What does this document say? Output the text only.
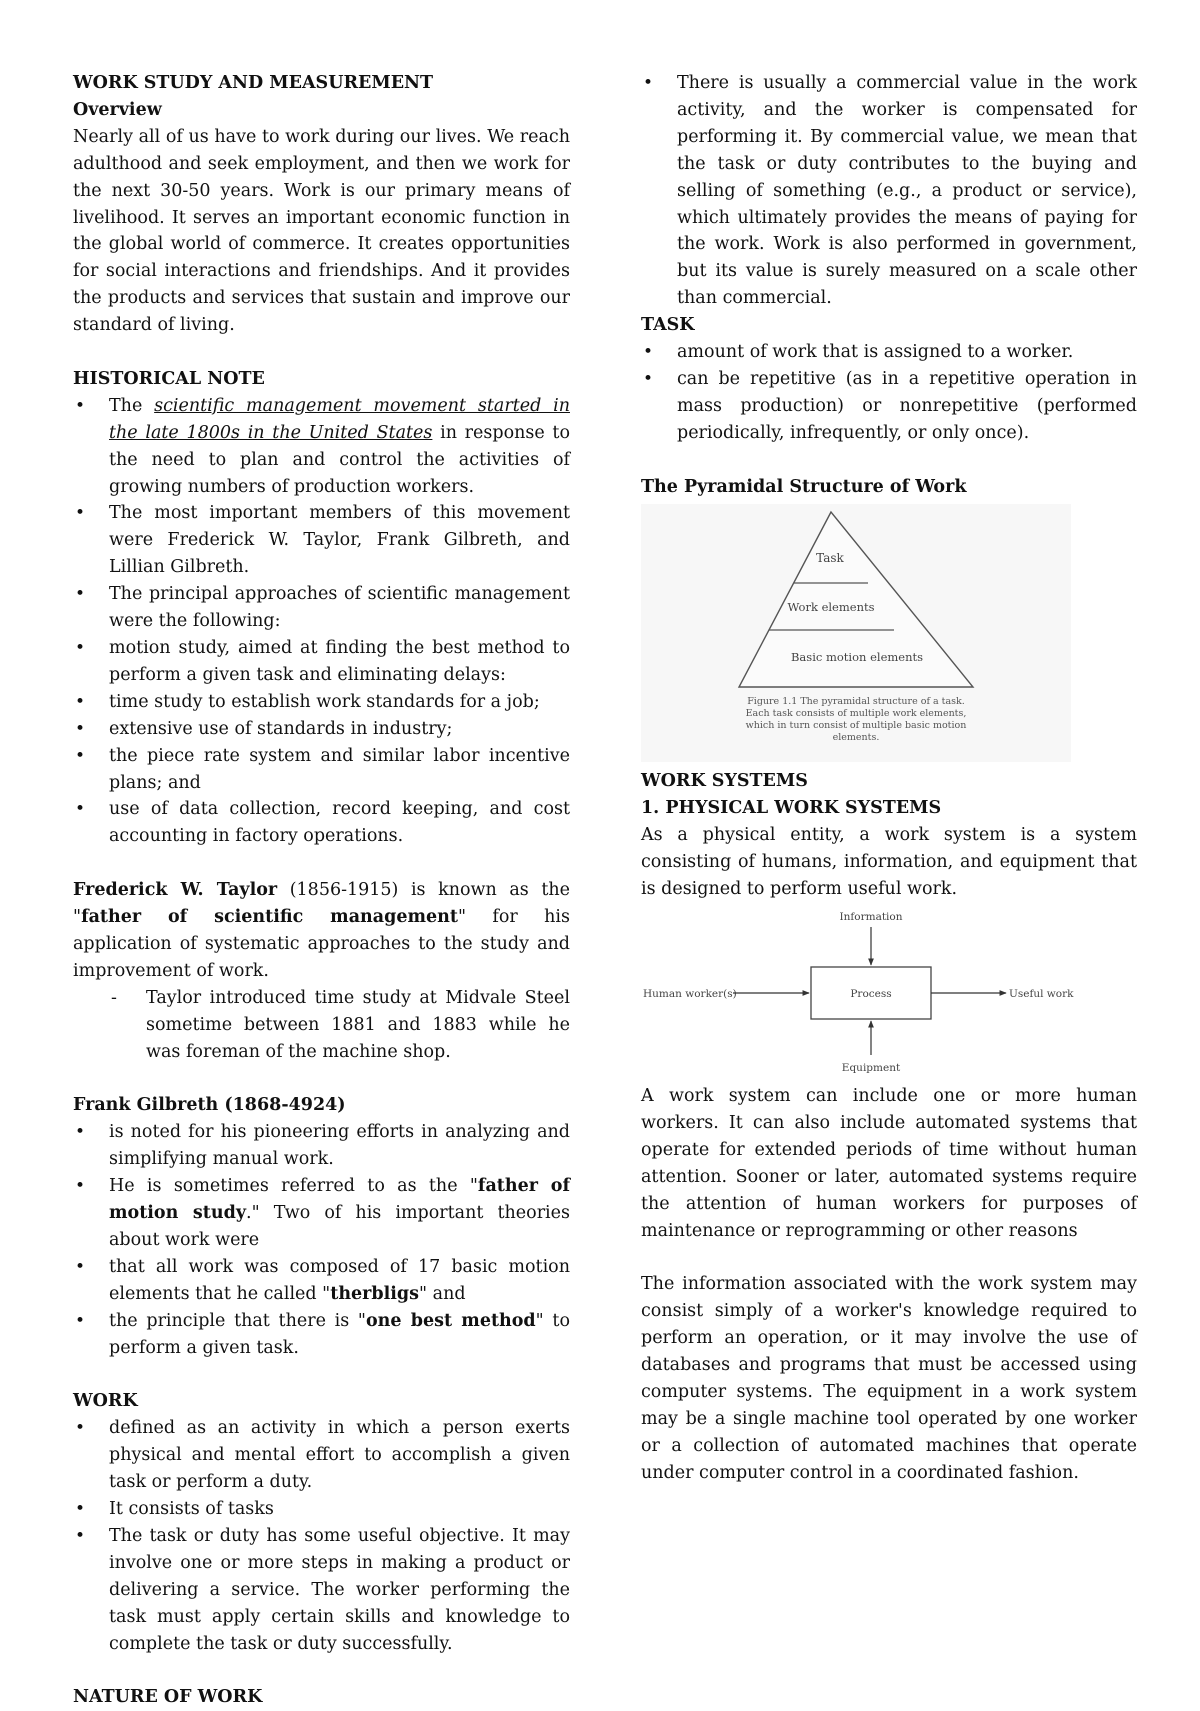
WORK STUDY AND MEASUREMENT

Overview

Nearly all of us have to work during our lives. We reach adulthood and seek employment, and then we work for the next 30-50 years. Work is our primary means of livelihood. It serves an important economic function in the global world of commerce. It creates opportunities for social interactions and friendships. And it provides the products and services that sustain and improve our standard of living.

HISTORICAL NOTE

• The scientific management movement started in the late 1800s in the United States in response to the need to plan and control the activities of growing numbers of production workers.
• The most important members of this movement were Frederick W. Taylor, Frank Gilbreth, and Lillian Gilbreth.
• The principal approaches of scientific management were the following:
• motion study, aimed at finding the best method to perform a given task and eliminating delays:
• time study to establish work standards for a job;
• extensive use of standards in industry;
• the piece rate system and similar labor incentive plans; and
• use of data collection, record keeping, and cost accounting in factory operations.

Frederick W. Taylor (1856-1915) is known as the "father of scientific management" for his application of systematic approaches to the study and improvement of work.

- Taylor introduced time study at Midvale Steel sometime between 1881 and 1883 while he was foreman of the machine shop.

Frank Gilbreth (1868-4924)

• is noted for his pioneering efforts in analyzing and simplifying manual work.
• He is sometimes referred to as the "father of motion study." Two of his important theories about work were
• that all work was composed of 17 basic motion elements that he called "therbligs" and
• the principle that there is "one best method" to perform a given task.

WORK

• defined as an activity in which a person exerts physical and mental effort to accomplish a given task or perform a duty.
• It consists of tasks
• The task or duty has some useful objective. It may involve one or more steps in making a product or delivering a service. The worker performing the task must apply certain skills and knowledge to complete the task or duty successfully.

NATURE OF WORK

• There is usually a commercial value in the work activity, and the worker is compensated for performing it. By commercial value, we mean that the task or duty contributes to the buying and selling of something (e.g., a product or service), which ultimately provides the means of paying for the work. Work is also performed in government, but its value is surely measured on a scale other than commercial.

TASK

• amount of work that is assigned to a worker.
• can be repetitive (as in a repetitive operation in mass production) or nonrepetitive (performed periodically, infrequently, or only once).

The Pyramidal Structure of Work

Task
Work elements
Basic motion elements
Figure 1.1 The pyramidal structure of a task.
Each task consists of multiple work elements,
which in turn consist of multiple basic motion
elements.

WORK SYSTEMS

1. PHYSICAL WORK SYSTEMS

As a physical entity, a work system is a system consisting of humans, information, and equipment that is designed to perform useful work.

Process
Information
Human worker(s)	Useful work
Equipment

A work system can include one or more human workers. It can also include automated systems that operate for extended periods of time without human attention. Sooner or later, automated systems require the attention of human workers for purposes of maintenance or reprogramming or other reasons

The information associated with the work system may consist simply of a worker's knowledge required to perform an operation, or it may involve the use of databases and programs that must be accessed using computer systems. The equipment in a work system may be a single machine tool operated by one worker or a collection of automated machines that operate under computer control in a coordinated fashion.
